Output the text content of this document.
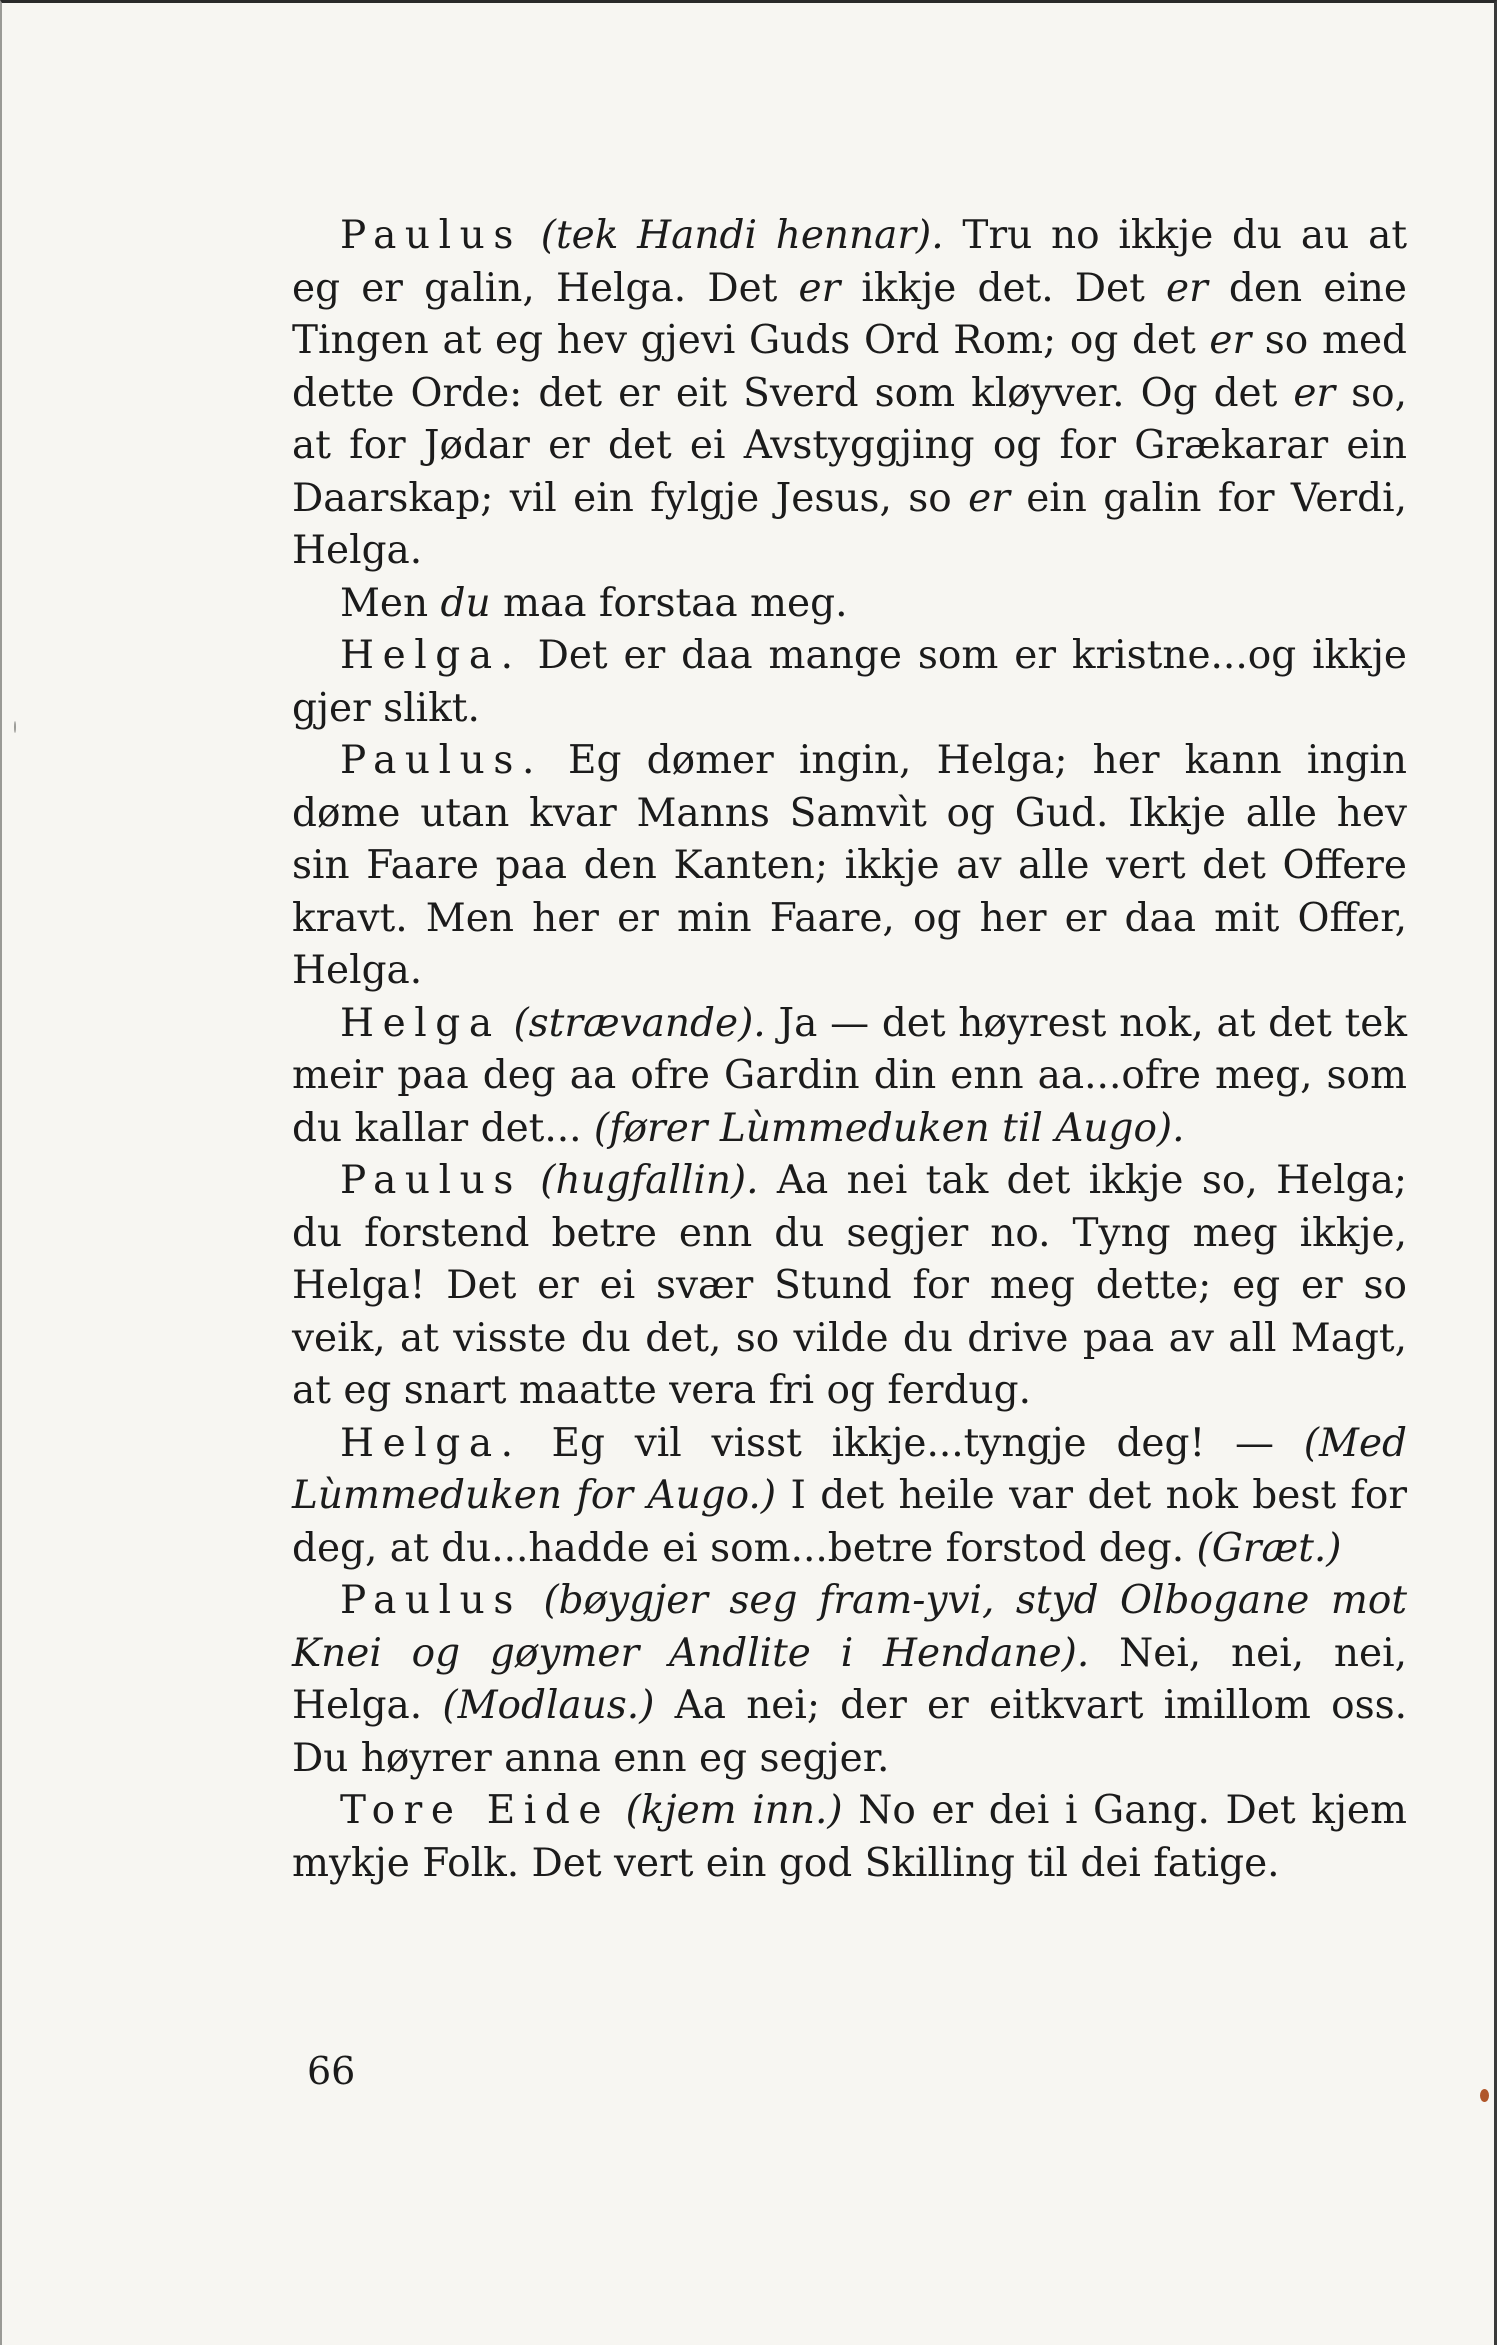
Paulus (tek Handi hennar). Tru no ikkje du au at eg er galin, Helga. Det er ikkje det. Det er den eine Tingen at eg hev gjevi Guds Ord Rom; og det er so med dette Orde: det er eit Sverd som kløyver. Og det er so, at for Jødar er det ei Avstyggjing og for Grækarar ein Daarskap; vil ein fylgje Jesus, so er ein galin for Verdi, Helga.

Men du maa forstaa meg.

Helga. Det er daa mange som er kristne...og ikkje gjer slikt.

Paulus. Eg dømer ingin, Helga; her kann ingin døme utan kvar Manns Samvìt og Gud. Ikkje alle hev sin Faare paa den Kanten; ikkje av alle vert det Offere kravt. Men her er min Faare, og her er daa mit Offer, Helga.

Helga (strævande). Ja — det høyrest nok, at det tek meir paa deg aa ofre Gardin din enn aa...ofre meg, som du kallar det... (fører Lùmmeduken til Augo).

Paulus (hugfallin). Aa nei tak det ikkje so, Helga; du forstend betre enn du segjer no. Tyng meg ikkje, Helga! Det er ei svær Stund for meg dette; eg er so veik, at visste du det, so vilde du drive paa av all Magt, at eg snart maatte vera fri og ferdug.

Helga. Eg vil visst ikkje...tyngje deg! — (Med Lùmmeduken for Augo.) I det heile var det nok best for deg, at du...hadde ei som...betre forstod deg. (Græt.)

Paulus (bøygjer seg fram-yvi, styd Olbogane mot Knei og gøymer Andlite i Hendane). Nei, nei, nei, Helga. (Modlaus.) Aa nei; der er eitkvart imillom oss. Du høyrer anna enn eg segjer.

Tore Eide (kjem inn.) No er dei i Gang. Det kjem mykje Folk. Det vert ein god Skilling til dei fatige.

66
